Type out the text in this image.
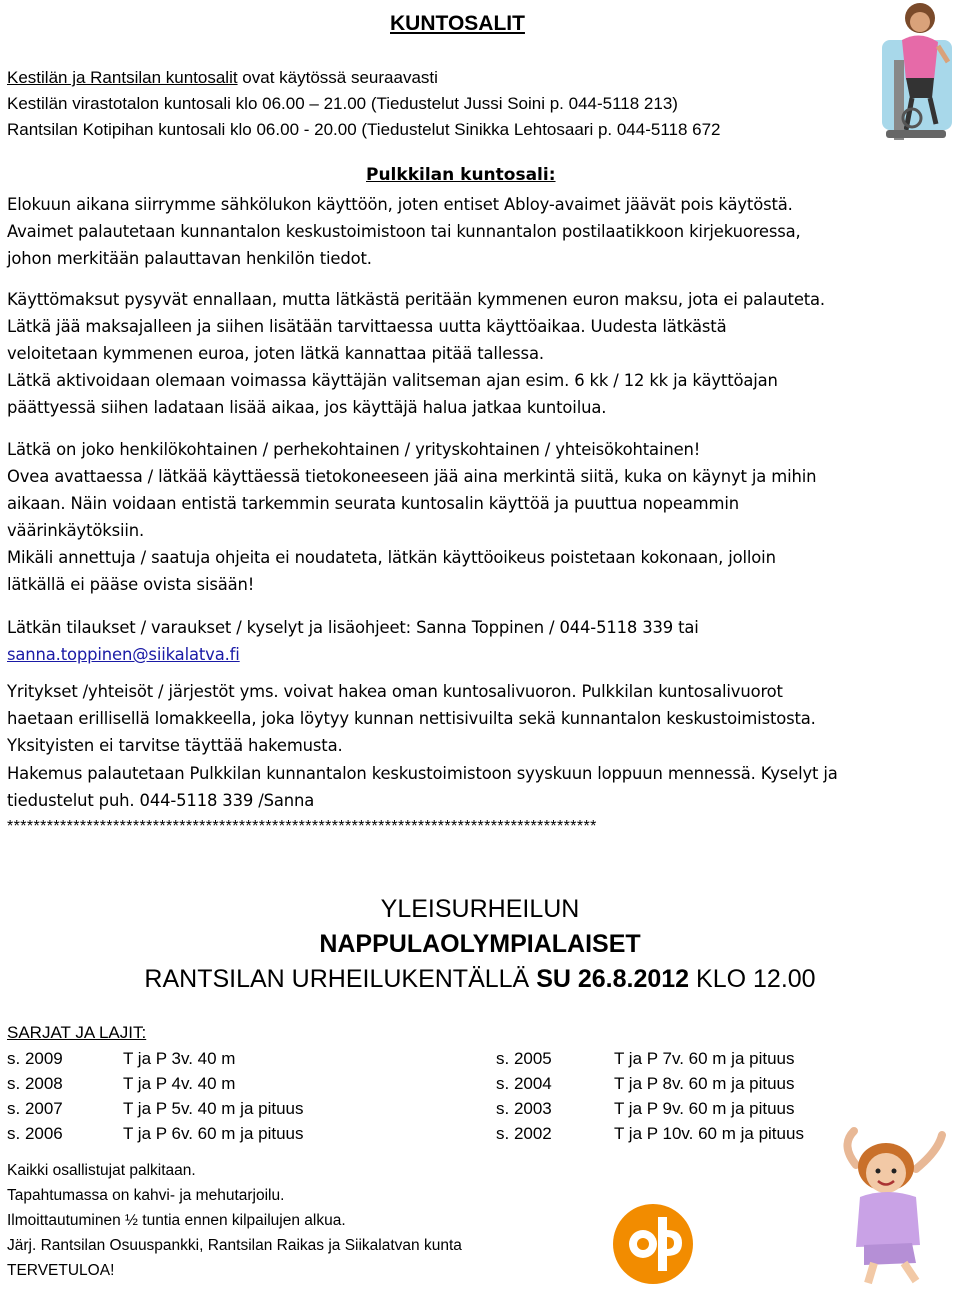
KUNTOSALIT
Kestilän ja Rantsilan kuntosalit ovat käytössä seuraavasti
Kestilän virastotalon kuntosali klo 06.00 – 21.00 (Tiedustelut Jussi Soini p. 044-5118 213)
Rantsilan Kotipihan kuntosali klo 06.00 - 20.00 (Tiedustelut Sinikka Lehtosaari p. 044-5118 672
Pulkkilan kuntosali:
Elokuun aikana siirrymme sähkölukon käyttöön, joten entiset Abloy-avaimet jäävät pois käytöstä.
Avaimet palautetaan kunnantalon keskustoimistoon tai kunnantalon postilaatikkoon kirjekuoressa,
johon merkitään palauttavan henkilön tiedot.
Käyttömaksut pysyvät ennallaan, mutta lätkästä peritään kymmenen euron maksu, jota ei palauteta.
Lätkä jää maksajalleen ja siihen lisätään tarvittaessa uutta käyttöaikaa. Uudesta lätkästä
veloitetaan kymmenen euroa, joten lätkä kannattaa pitää tallessa.
Lätkä aktivoidaan olemaan voimassa käyttäjän valitseman ajan esim. 6 kk / 12 kk ja käyttöajan
päättyessä siihen ladataan lisää aikaa, jos käyttäjä halua jatkaa kuntoilua.
Lätkä on joko henkilökohtainen / perhekohtainen / yrityskohtainen / yhteisökohtainen!
Ovea avattaessa / lätkää käyttäessä tietokoneeseen jää aina merkintä siitä, kuka on käynyt ja mihin
aikaan. Näin voidaan entistä tarkemmin seurata kuntosalin käyttöä ja puuttua nopeammin
väärinkäytöksiin.
Mikäli annettuja / saatuja ohjeita ei noudateta, lätkän käyttöoikeus poistetaan kokonaan, jolloin
lätkällä ei pääse ovista sisään!
Lätkän tilaukset / varaukset / kyselyt ja lisäohjeet: Sanna Toppinen / 044-5118 339 tai
sanna.toppinen@siikalatva.fi
Yritykset /yhteisöt / järjestöt yms. voivat hakea oman kuntosalivuoron. Pulkkilan kuntosalivuorot
haetaan erillisellä lomakkeella, joka löytyy kunnan nettisivuilta sekä kunnantalon keskustoimistosta.
Yksityisten ei tarvitse täyttää hakemusta.
Hakemus palautetaan Pulkkilan kunnantalon keskustoimistoon syyskuun loppuun mennessä. Kyselyt ja
tiedustelut puh. 044-5118 339 /Sanna
*****************************************************************************************
YLEISURHEILUN
NAPPULAOLYMPIALAISET
RANTSILAN URHEILUKENTÄLLÄ SU 26.8.2012 KLO 12.00
SARJAT JA LAJIT:
s. 2009	T ja P 3v. 40 m
s. 2008	T ja P 4v. 40 m
s. 2007	T ja P 5v. 40 m ja pituus
s. 2006	T ja P 6v. 60 m ja pituus
s. 2005	T ja P 7v. 60 m ja pituus
s. 2004	T ja P 8v. 60 m ja pituus
s. 2003	T ja P 9v. 60 m ja pituus
s. 2002	T ja P 10v. 60 m ja pituus
Kaikki osallistujat palkitaan.
Tapahtumassa on kahvi- ja mehutarjoilu.
Ilmoittautuminen ½ tuntia ennen kilpailujen alkua.
Järj. Rantsilan Osuuspankki, Rantsilan Raikas ja Siikalatvan kunta
TERVETULOA!
